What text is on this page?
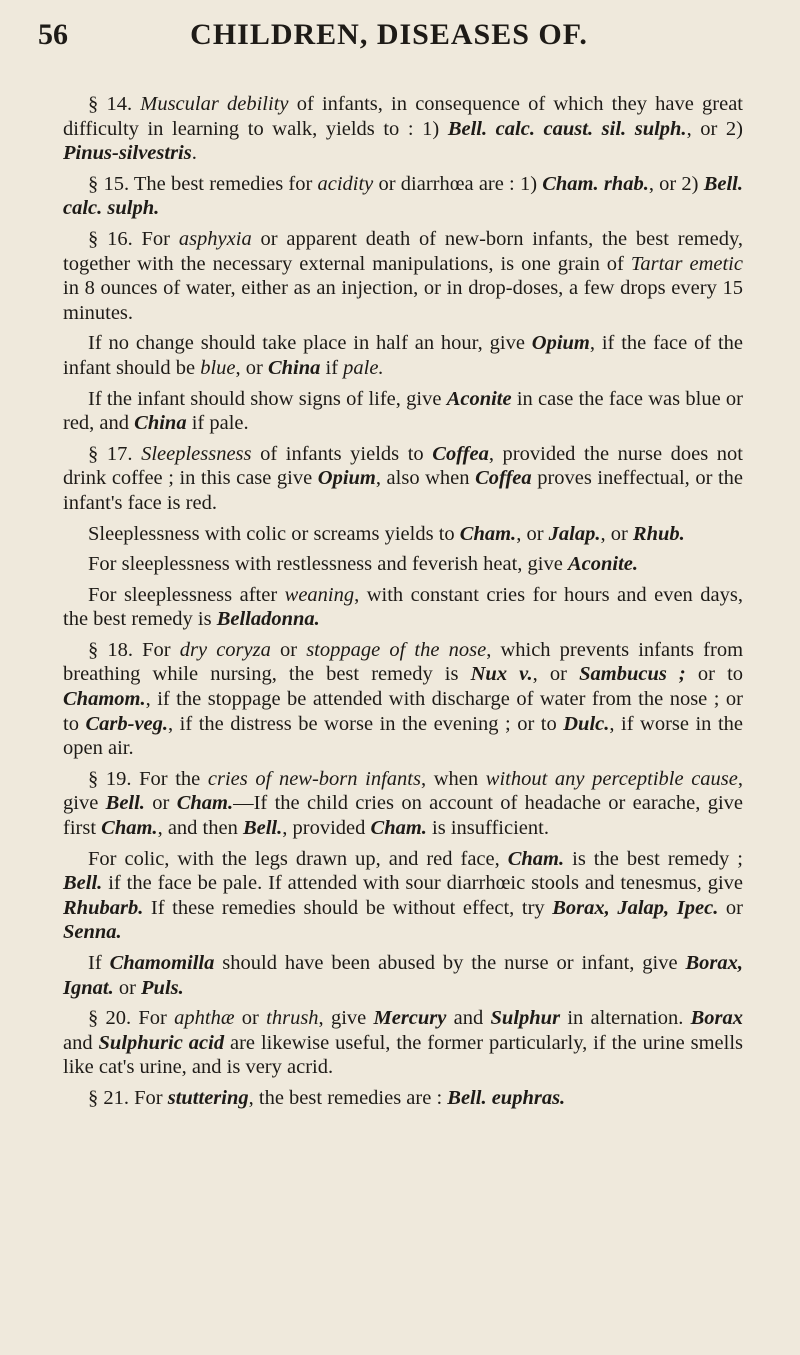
56	CHILDREN, DISEASES OF.

§ 14. Muscular debility of infants, in consequence of which they have great difficulty in learning to walk, yields to : 1) Bell. calc. caust. sil. sulph., or 2) Pinus-silvestris.

§ 15. The best remedies for acidity or diarrhœa are : 1) Cham. rhab., or 2) Bell. calc. sulph.

§ 16. For asphyxia or apparent death of new-born infants, the best remedy, together with the necessary external manipulations, is one grain of Tartar emetic in 8 ounces of water, either as an injection, or in drop-doses, a few drops every 15 minutes.

If no change should take place in half an hour, give Opium, if the face of the infant should be blue, or China if pale.

If the infant should show signs of life, give Aconite in case the face was blue or red, and China if pale.

§ 17. Sleeplessness of infants yields to Coffea, provided the nurse does not drink coffee ; in this case give Opium, also when Coffea proves ineffectual, or the infant's face is red.

Sleeplessness with colic or screams yields to Cham., or Jalap., or Rhub.

For sleeplessness with restlessness and feverish heat, give Aconite.

For sleeplessness after weaning, with constant cries for hours and even days, the best remedy is Belladonna.

§ 18. For dry coryza or stoppage of the nose, which prevents infants from breathing while nursing, the best remedy is Nux v., or Sambucus ; or to Chamom., if the stoppage be attended with discharge of water from the nose ; or to Carb-veg., if the distress be worse in the evening ; or to Dulc., if worse in the open air.

§ 19. For the cries of new-born infants, when without any perceptible cause, give Bell. or Cham.—If the child cries on account of headache or earache, give first Cham., and then Bell., provided Cham. is insufficient.

For colic, with the legs drawn up, and red face, Cham. is the best remedy ; Bell. if the face be pale. If attended with sour diarrhœic stools and tenesmus, give Rhubarb. If these remedies should be without effect, try Borax, Jalap, Ipec. or Senna.

If Chamomilla should have been abused by the nurse or infant, give Borax, Ignat. or Puls.

§ 20. For aphthæ or thrush, give Mercury and Sulphur in alternation. Borax and Sulphuric acid are likewise useful, the former particularly, if the urine smells like cat's urine, and is very acrid.

§ 21. For stuttering, the best remedies are : Bell. euphras.
